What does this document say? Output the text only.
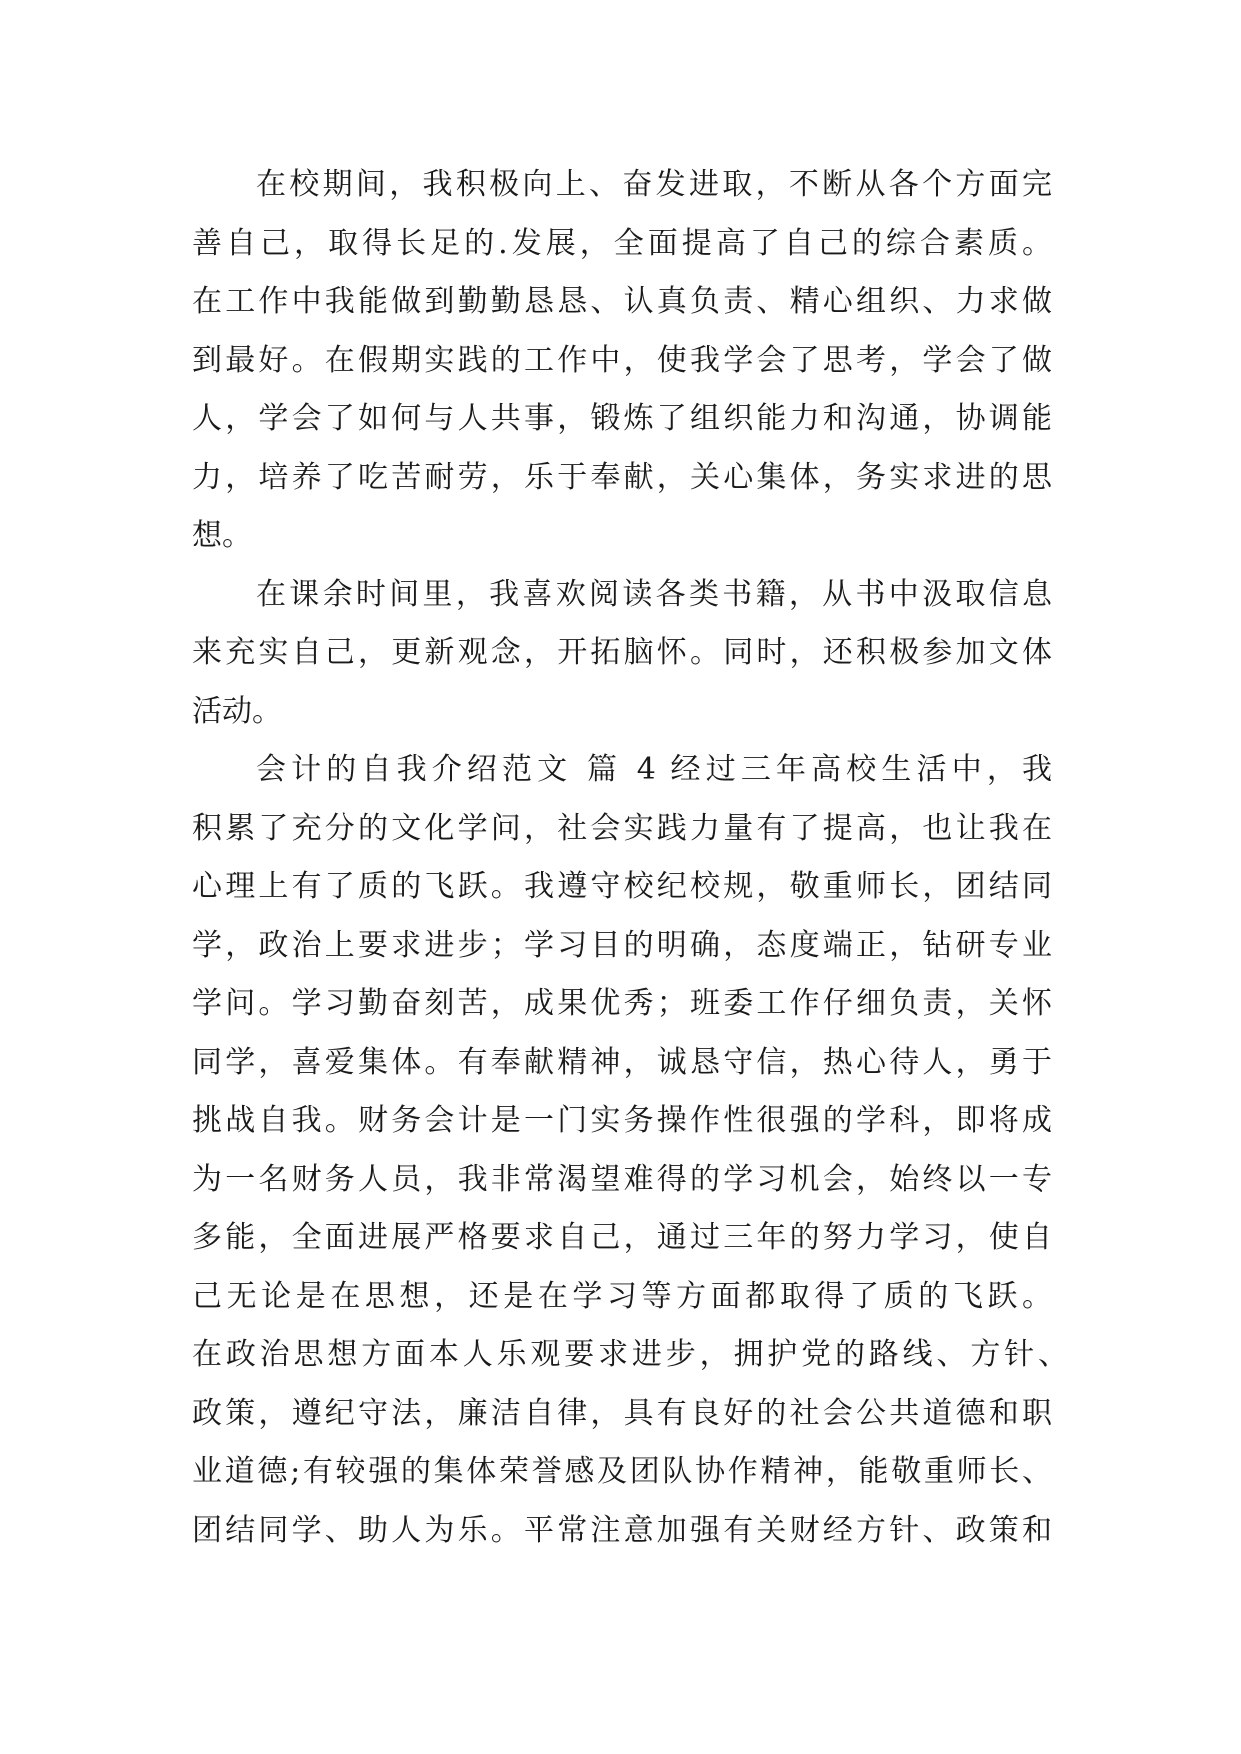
在校期间，我积极向上、奋发进取，不断从各个方面完
善自己，取得长足的.发展，全面提高了自己的综合素质。
在工作中我能做到勤勤恳恳、认真负责、精心组织、力求做
到最好。在假期实践的工作中，使我学会了思考，学会了做
人，学会了如何与人共事，锻炼了组织能力和沟通，协调能
力，培养了吃苦耐劳，乐于奉献，关心集体，务实求进的思
想。
在课余时间里，我喜欢阅读各类书籍，从书中汲取信息
来充实自己，更新观念，开拓脑怀。同时，还积极参加文体
活动。
会计的自我介绍范文 篇 4 经过三年高校生活中，我
积累了充分的文化学问，社会实践力量有了提高，也让我在
心理上有了质的飞跃。我遵守校纪校规，敬重师长，团结同
学，政治上要求进步；学习目的明确，态度端正，钻研专业
学问。学习勤奋刻苦，成果优秀；班委工作仔细负责，关怀
同学，喜爱集体。有奉献精神，诚恳守信，热心待人，勇于
挑战自我。财务会计是一门实务操作性很强的学科，即将成
为一名财务人员，我非常渴望难得的学习机会，始终以一专
多能，全面进展严格要求自己，通过三年的努力学习，使自
己无论是在思想，还是在学习等方面都取得了质的飞跃。
在政治思想方面本人乐观要求进步，拥护党的路线、方针、
政策，遵纪守法，廉洁自律，具有良好的社会公共道德和职
业道德;有较强的集体荣誉感及团队协作精神，能敬重师长、
团结同学、助人为乐。平常注意加强有关财经方针、政策和
